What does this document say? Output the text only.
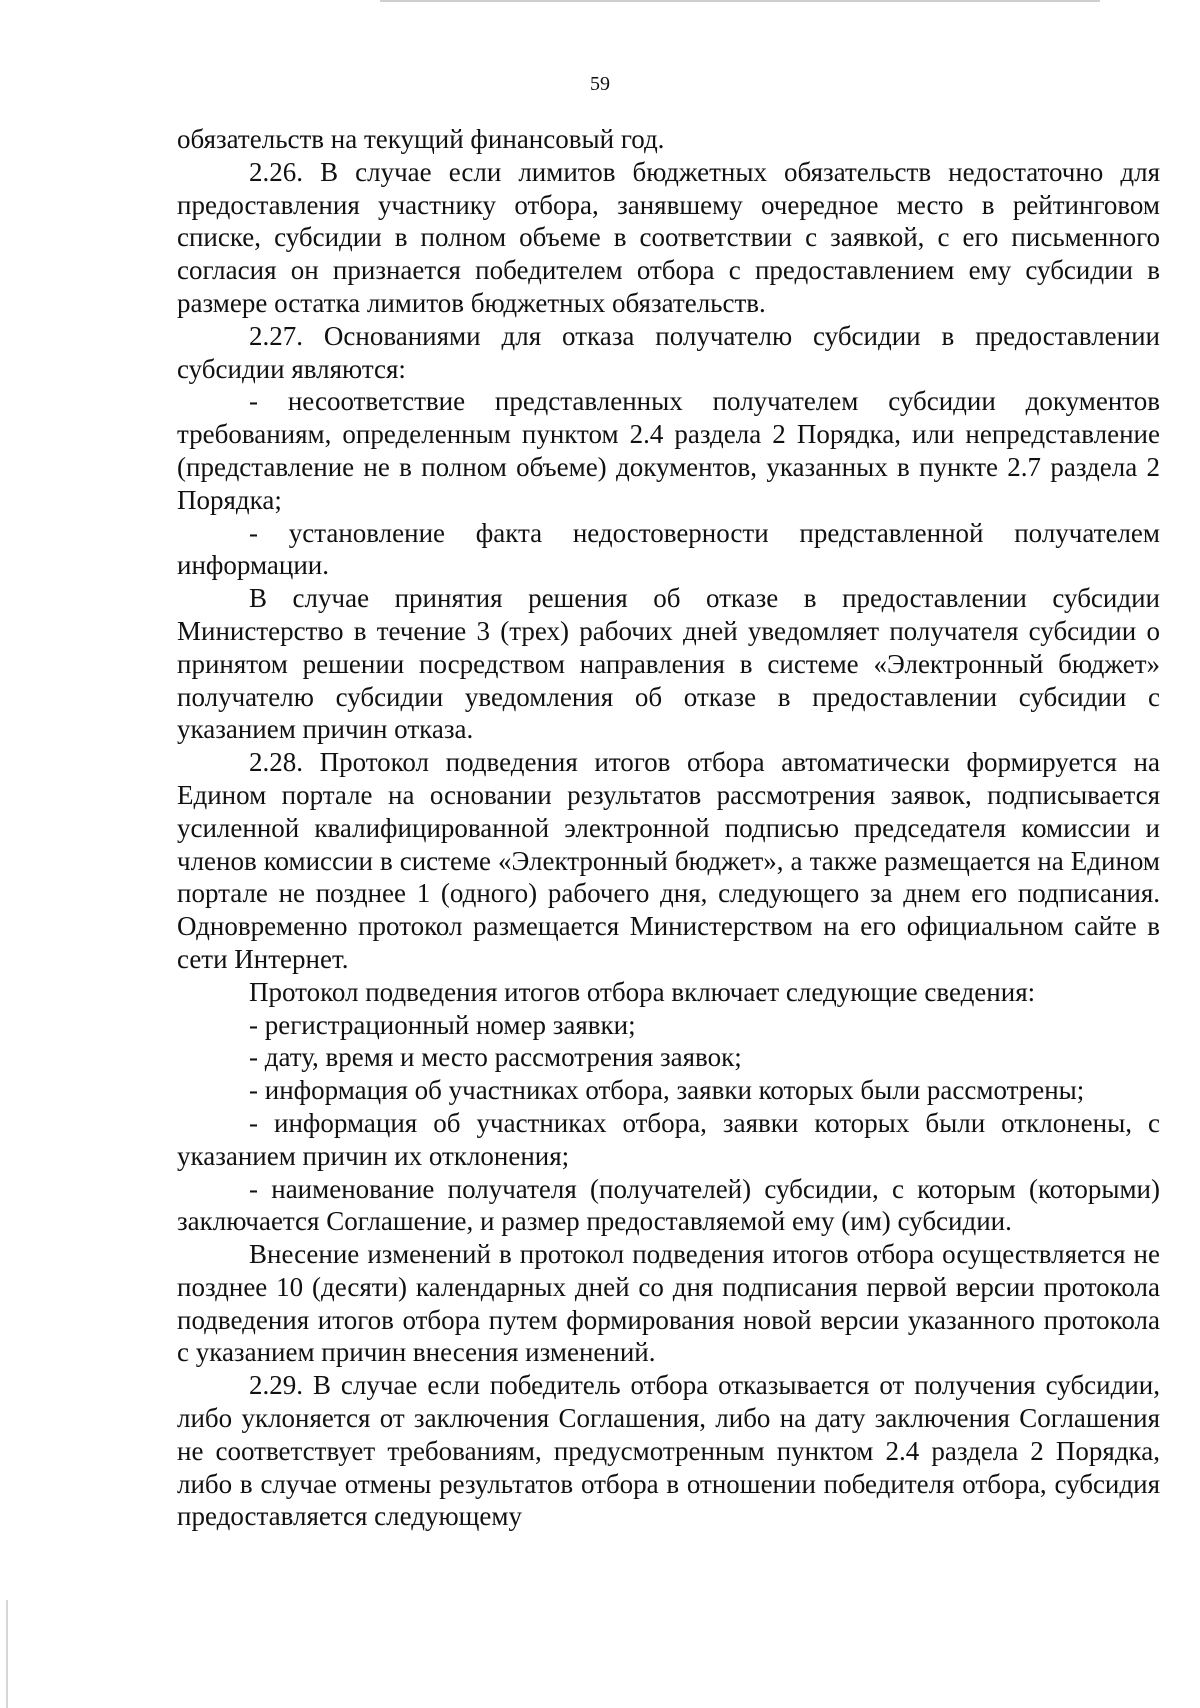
59

обязательств на текущий финансовый год.

2.26. В случае если лимитов бюджетных обязательств недостаточно для предоставления участнику отбора, занявшему очередное место в рейтинговом списке, субсидии в полном объеме в соответствии с заявкой, с его письменного согласия он признается победителем отбора с предоставлением ему субсидии в размере остатка лимитов бюджетных обязательств.

2.27. Основаниями для отказа получателю субсидии в предоставлении субсидии являются:

- несоответствие представленных получателем субсидии документов требованиям, определенным пунктом 2.4 раздела 2 Порядка, или непредставление (представление не в полном объеме) документов, указанных в пункте 2.7 раздела 2 Порядка;

- установление факта недостоверности представленной получателем информации.

В случае принятия решения об отказе в предоставлении субсидии Министерство в течение 3 (трех) рабочих дней уведомляет получателя субсидии о принятом решении посредством направления в системе «Электронный бюджет» получателю субсидии уведомления об отказе в предоставлении субсидии с указанием причин отказа.

2.28. Протокол подведения итогов отбора автоматически формируется на Едином портале на основании результатов рассмотрения заявок, подписывается усиленной квалифицированной электронной подписью председателя комиссии и членов комиссии в системе «Электронный бюджет», а также размещается на Едином портале не позднее 1 (одного) рабочего дня, следующего за днем его подписания. Одновременно протокол размещается Министерством на его официальном сайте в сети Интернет.

Протокол подведения итогов отбора включает следующие сведения:

- регистрационный номер заявки;

- дату, время и место рассмотрения заявок;

- информация об участниках отбора, заявки которых были рассмотрены;

- информация об участниках отбора, заявки которых были отклонены, с указанием причин их отклонения;

- наименование получателя (получателей) субсидии, с которым (которыми) заключается Соглашение, и размер предоставляемой ему (им) субсидии.

Внесение изменений в протокол подведения итогов отбора осуществляется не позднее 10 (десяти) календарных дней со дня подписания первой версии протокола подведения итогов отбора путем формирования новой версии указанного протокола с указанием причин внесения изменений.

2.29. В случае если победитель отбора отказывается от получения субсидии, либо уклоняется от заключения Соглашения, либо на дату заключения Соглашения не соответствует требованиям, предусмотренным пунктом 2.4 раздела 2 Порядка, либо в случае отмены результатов отбора в отношении победителя отбора, субсидия предоставляется следующему
